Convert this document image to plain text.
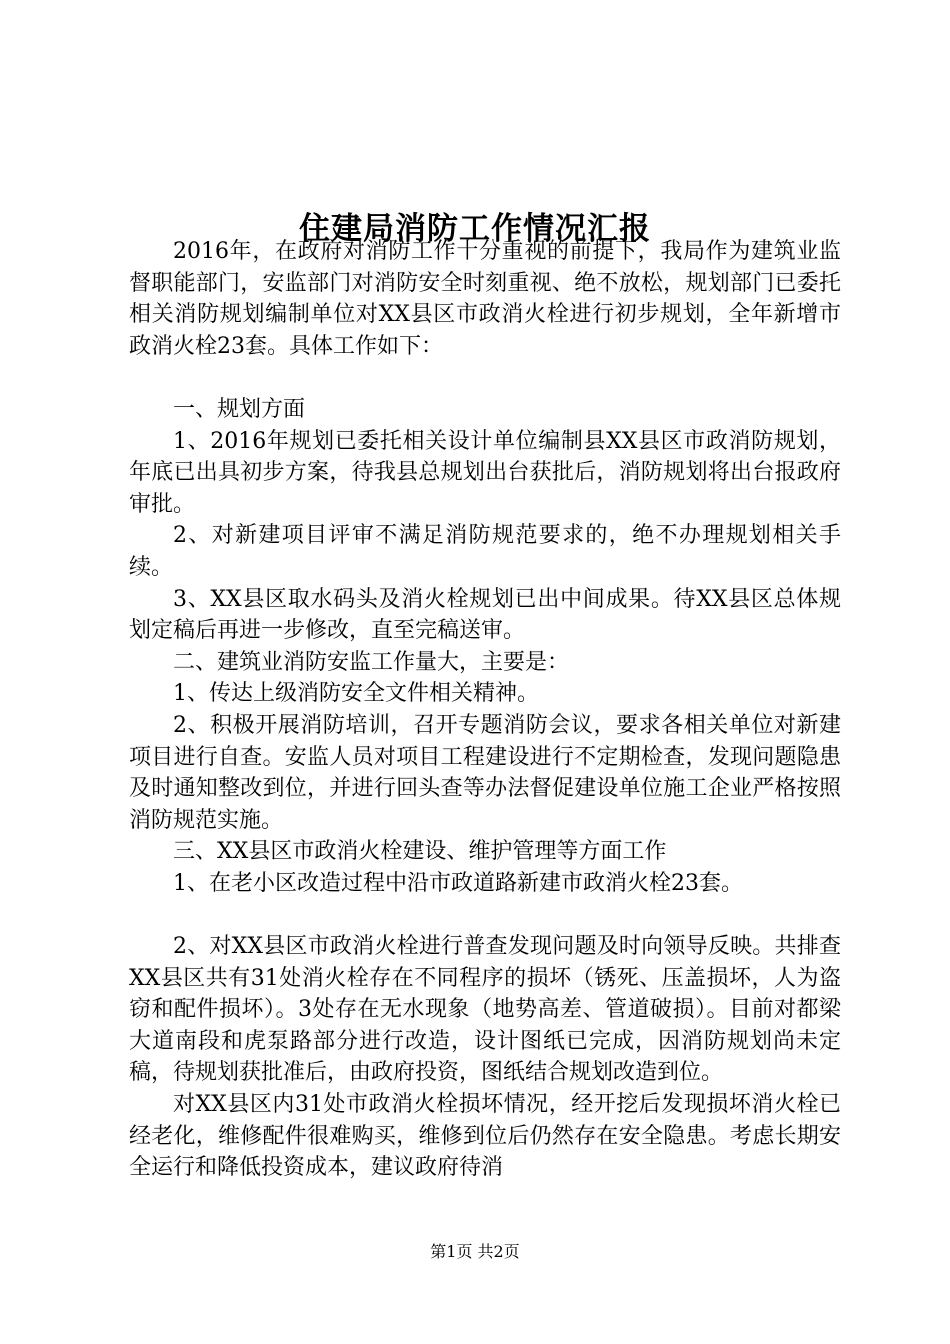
住建局消防工作情况汇报

2016年，在政府对消防工作十分重视的前提下，我局作为建筑业监督职能部门，安监部门对消防安全时刻重视、绝不放松，规划部门已委托相关消防规划编制单位对XX县区市政消火栓进行初步规划，全年新增市政消火栓23套。具体工作如下：

一、规划方面

1、2016年规划已委托相关设计单位编制县XX县区市政消防规划，年底已出具初步方案，待我县总规划出台获批后，消防规划将出台报政府审批。

2、对新建项目评审不满足消防规范要求的，绝不办理规划相关手续。

3、XX县区取水码头及消火栓规划已出中间成果。待XX县区总体规划定稿后再进一步修改，直至完稿送审。

二、建筑业消防安监工作量大，主要是：

1、传达上级消防安全文件相关精神。

2、积极开展消防培训，召开专题消防会议，要求各相关单位对新建项目进行自查。安监人员对项目工程建设进行不定期检查，发现问题隐患及时通知整改到位，并进行回头查等办法督促建设单位施工企业严格按照消防规范实施。

三、XX县区市政消火栓建设、维护管理等方面工作

1、在老小区改造过程中沿市政道路新建市政消火栓23套。

2、对XX县区市政消火栓进行普查发现问题及时向领导反映。共排查XX县区共有31处消火栓存在不同程序的损坏（锈死、压盖损坏，人为盗窃和配件损坏）。3处存在无水现象（地势高差、管道破损）。目前对都梁大道南段和虎泵路部分进行改造，设计图纸已完成，因消防规划尚未定稿，待规划获批准后，由政府投资，图纸结合规划改造到位。

对XX县区内31处市政消火栓损坏情况，经开挖后发现损坏消火栓已经老化，维修配件很难购买，维修到位后仍然存在安全隐患。考虑长期安全运行和降低投资成本，建议政府待消

第1页 共2页
